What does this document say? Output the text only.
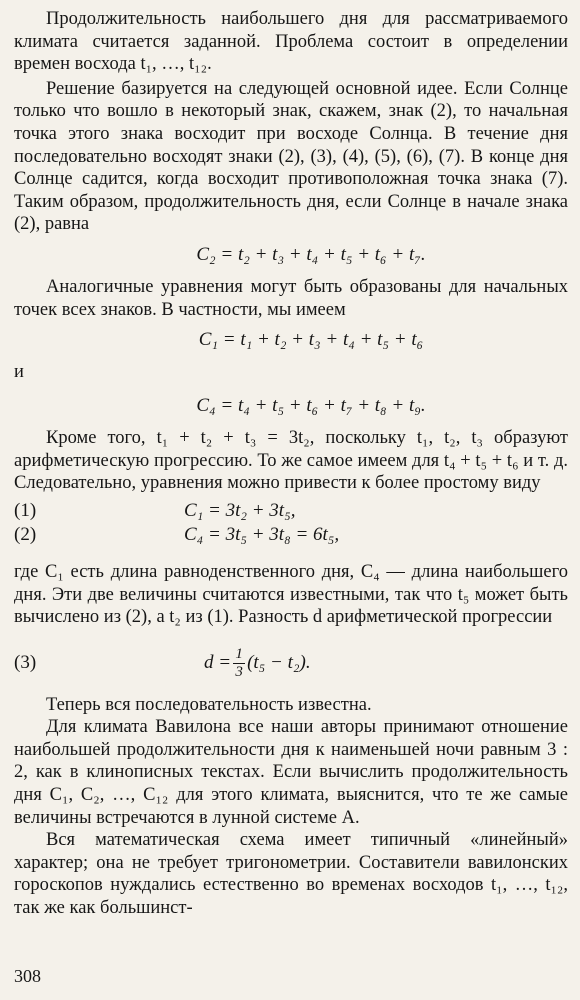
Продолжительность наибольшего дня для рассматриваемого климата считается заданной. Проблема состоит в определении времен восхода t₁, …, t₁₂.

Решение базируется на следующей основной идее. Если Солнце только что вошло в некоторый знак, скажем, знак (2), то начальная точка этого знака восходит при восходе Солнца. В течение дня последовательно восходят знаки (2), (3), (4), (5), (6), (7). В конце дня Солнце садится, когда восходит противоположная точка знака (7). Таким образом, продолжительность дня, если Солнце в начале знака (2), равна

C₂ = t₂ + t₃ + t₄ + t₅ + t₆ + t₇.

Аналогичные уравнения могут быть образованы для начальных точек всех знаков. В частности, мы имеем

C₁ = t₁ + t₂ + t₃ + t₄ + t₅ + t₆

и

C₄ = t₄ + t₅ + t₆ + t₇ + t₈ + t₉.

Кроме того, t₁ + t₂ + t₃ = 3t₂, поскольку t₁, t₂, t₃ образуют арифметическую прогрессию. То же самое имеем для t₄ + t₅ + t₆ и т. д. Следовательно, уравнения можно привести к более простому виду

(1)	C₁ = 3t₂ + 3t₅,
(2)	C₄ = 3t₅ + 3t₈ = 6t₅,

где C₁ есть длина равноденственного дня, C₄ — длина наибольшего дня. Эти две величины считаются известными, так что t₅ может быть вычислено из (2), а t₂ из (1). Разность d арифметической прогрессии

(3)	$d = \frac{1}{3} (t_5 - t_2)$.

Теперь вся последовательность известна.

Для климата Вавилона все наши авторы принимают отношение наибольшей продолжительности дня к наименьшей ночи равным 3 : 2, как в клинописных текстах. Если вычислить продолжительность дня C₁, C₂, …, C₁₂ для этого климата, выяснится, что те же самые величины встречаются в лунной системе A.

Вся математическая схема имеет типичный «линейный» характер; она не требует тригонометрии. Составители вавилонских гороскопов нуждались естественно во временах восходов t₁, …, t₁₂, так же как большинст-

308
